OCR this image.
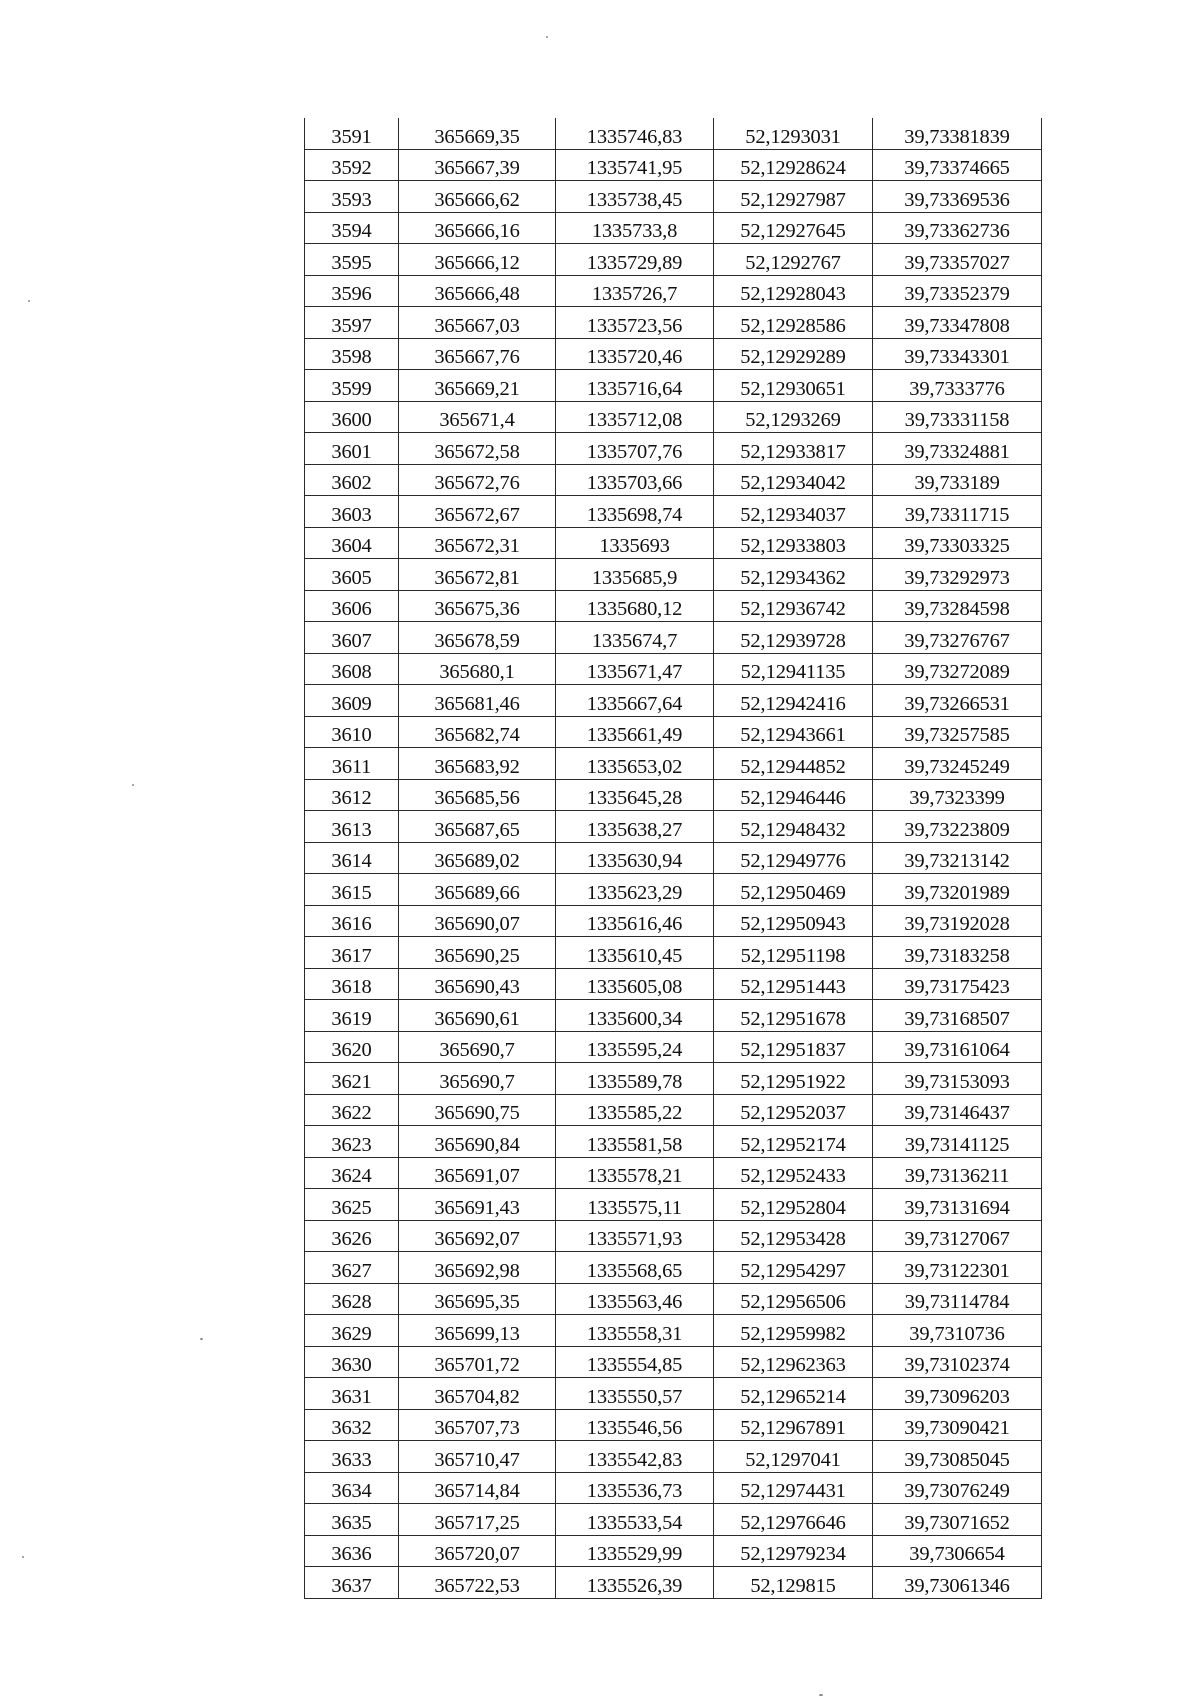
3591	365669,35	1335746,83	52,1293031	39,73381839
3592	365667,39	1335741,95	52,12928624	39,73374665
3593	365666,62	1335738,45	52,12927987	39,73369536
3594	365666,16	1335733,8	52,12927645	39,73362736
3595	365666,12	1335729,89	52,1292767	39,73357027
3596	365666,48	1335726,7	52,12928043	39,73352379
3597	365667,03	1335723,56	52,12928586	39,73347808
3598	365667,76	1335720,46	52,12929289	39,73343301
3599	365669,21	1335716,64	52,12930651	39,7333776
3600	365671,4	1335712,08	52,1293269	39,73331158
3601	365672,58	1335707,76	52,12933817	39,73324881
3602	365672,76	1335703,66	52,12934042	39,733189
3603	365672,67	1335698,74	52,12934037	39,73311715
3604	365672,31	1335693	52,12933803	39,73303325
3605	365672,81	1335685,9	52,12934362	39,73292973
3606	365675,36	1335680,12	52,12936742	39,73284598
3607	365678,59	1335674,7	52,12939728	39,73276767
3608	365680,1	1335671,47	52,12941135	39,73272089
3609	365681,46	1335667,64	52,12942416	39,73266531
3610	365682,74	1335661,49	52,12943661	39,73257585
3611	365683,92	1335653,02	52,12944852	39,73245249
3612	365685,56	1335645,28	52,12946446	39,7323399
3613	365687,65	1335638,27	52,12948432	39,73223809
3614	365689,02	1335630,94	52,12949776	39,73213142
3615	365689,66	1335623,29	52,12950469	39,73201989
3616	365690,07	1335616,46	52,12950943	39,73192028
3617	365690,25	1335610,45	52,12951198	39,73183258
3618	365690,43	1335605,08	52,12951443	39,73175423
3619	365690,61	1335600,34	52,12951678	39,73168507
3620	365690,7	1335595,24	52,12951837	39,73161064
3621	365690,7	1335589,78	52,12951922	39,73153093
3622	365690,75	1335585,22	52,12952037	39,73146437
3623	365690,84	1335581,58	52,12952174	39,73141125
3624	365691,07	1335578,21	52,12952433	39,73136211
3625	365691,43	1335575,11	52,12952804	39,73131694
3626	365692,07	1335571,93	52,12953428	39,73127067
3627	365692,98	1335568,65	52,12954297	39,73122301
3628	365695,35	1335563,46	52,12956506	39,73114784
3629	365699,13	1335558,31	52,12959982	39,7310736
3630	365701,72	1335554,85	52,12962363	39,73102374
3631	365704,82	1335550,57	52,12965214	39,73096203
3632	365707,73	1335546,56	52,12967891	39,73090421
3633	365710,47	1335542,83	52,1297041	39,73085045
3634	365714,84	1335536,73	52,12974431	39,73076249
3635	365717,25	1335533,54	52,12976646	39,73071652
3636	365720,07	1335529,99	52,12979234	39,7306654
3637	365722,53	1335526,39	52,129815	39,73061346
